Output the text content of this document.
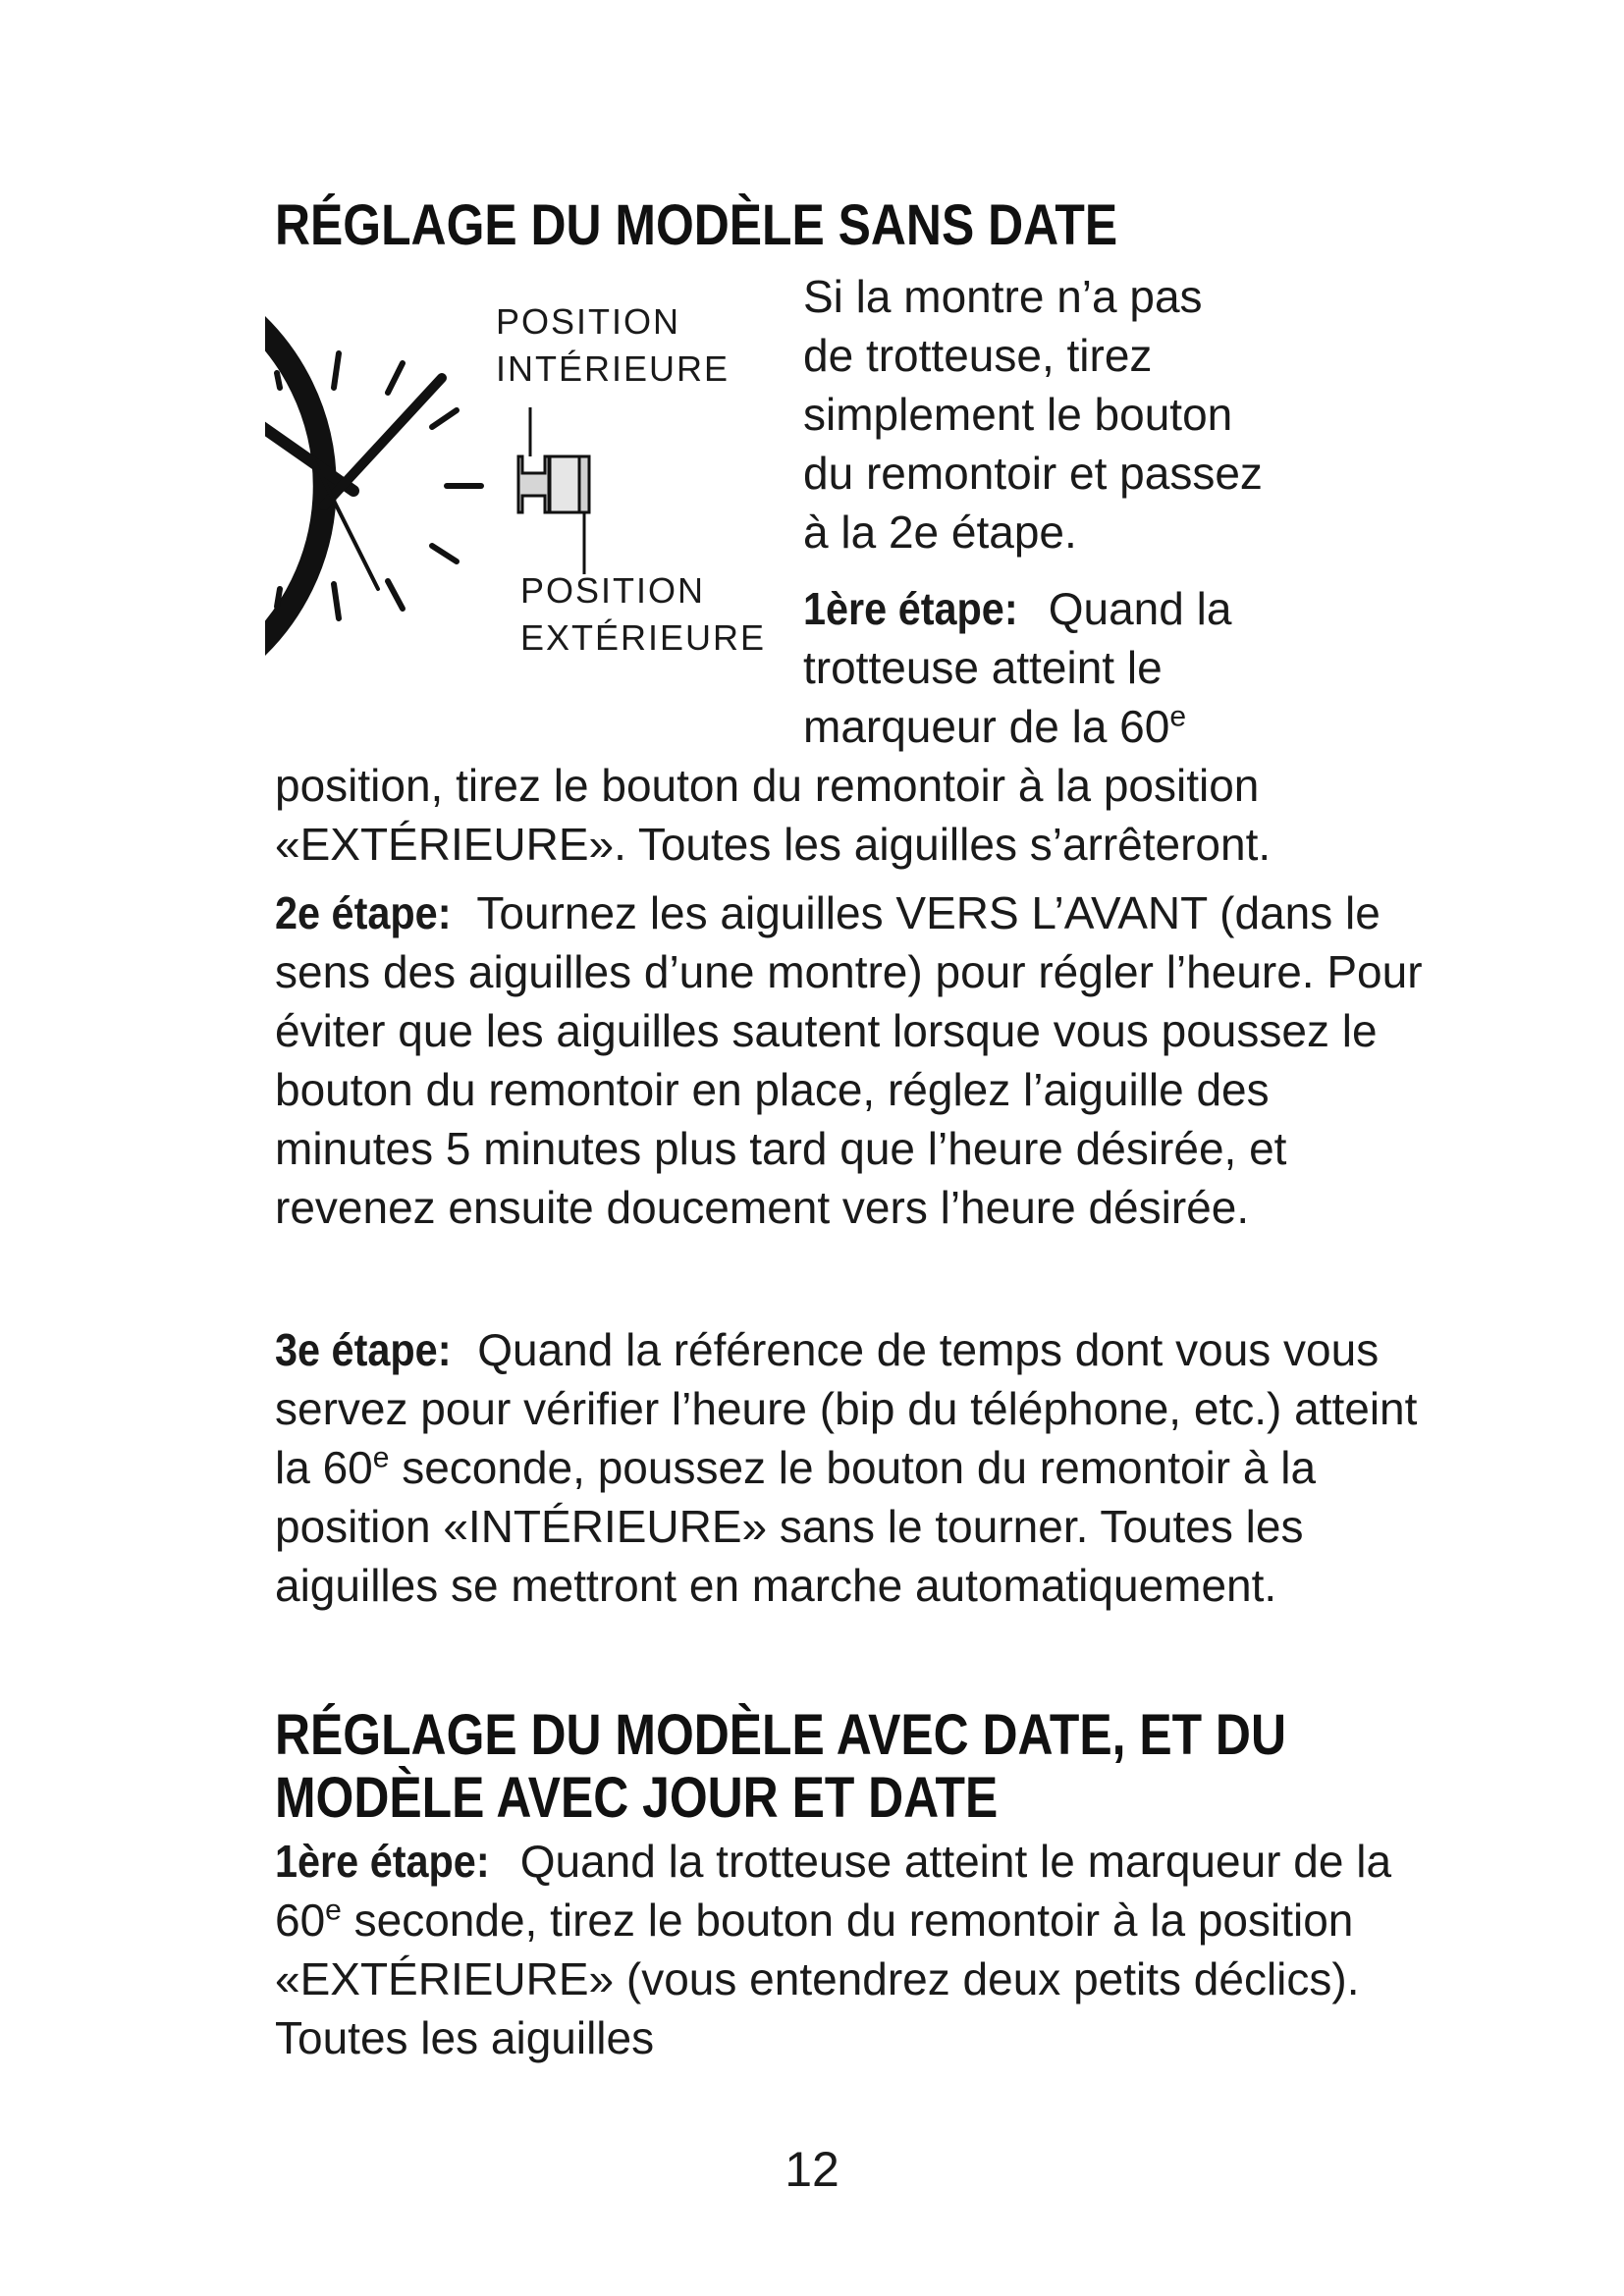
RÉGLAGE DU MODÈLE SANS DATE
POSITION
INTÉRIEURE
POSITION
EXTÉRIEURE

Si la montre n’a pas
de trotteuse, tirez
simplement le bouton
du remontoir et passez
à la 2e étape.

1ère étape: Quand la
trotteuse atteint le
marqueur de la 60e

position, tirez le bouton du remontoir à la position «EXTÉRIEURE». Toutes les aiguilles s’arrêteront.

2e étape: Tournez les aiguilles VERS L’AVANT (dans le sens des aiguilles d’une montre) pour régler l’heure. Pour éviter que les aiguilles sautent lorsque vous poussez le bouton du remontoir en place, réglez l’aiguille des minutes 5 minutes plus tard que l’heure désirée, et revenez ensuite doucement vers l’heure désirée.

3e étape: Quand la référence de temps dont vous vous servez pour vérifier l’heure (bip du téléphone, etc.) atteint la 60e seconde, poussez le bouton du remontoir à la position «INTÉRIEURE» sans le tourner. Toutes les aiguilles se mettront en marche automatiquement.

RÉGLAGE DU MODÈLE AVEC DATE, ET DU
MODÈLE AVEC JOUR ET DATE

1ère étape: Quand la trotteuse atteint le marqueur de la 60e seconde, tirez le bouton du remontoir à la position «EXTÉRIEURE» (vous entendrez deux petits déclics). Toutes les aiguilles

12
